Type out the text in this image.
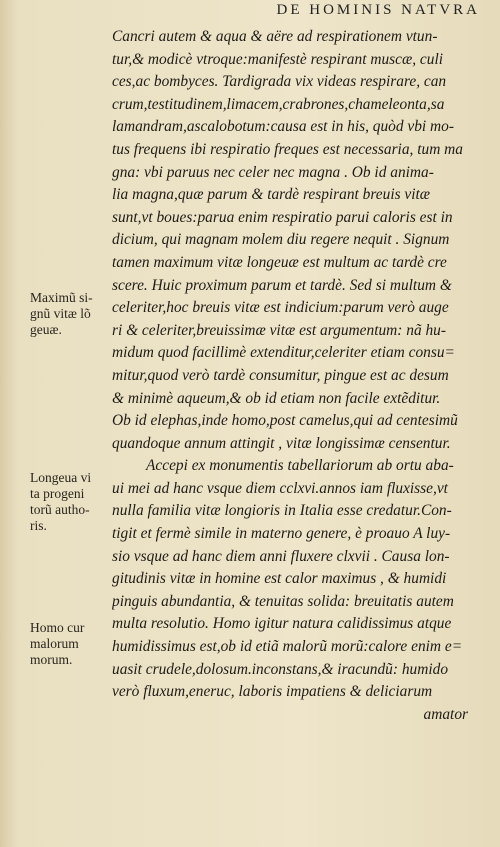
DE HOMINIS NATVRA
Maximũ si-
gnũ vitæ lõ
geuæ.
Longeua vi
ta progeni
torũ autho-
ris.
Homo cur
malorum
morum.
Cancri autem & aqua & aëre ad respirationem vtun-
tur,& modicè vtroque:manifestè respirant muscæ, culi
ces,ac bombyces. Tardigrada vix videas respirare, can
crum,testitudinem,limacem,crabrones,chameleonta,sa
lamandram,ascalobotum:causa est in his, quòd vbi mo-
tus frequens ibi respiratio freques est necessaria, tum ma
gna: vbi paruus nec celer nec magna . Ob id anima-
lia magna,quæ parum & tardè respirant breuis vitæ
sunt,vt boues:parua enim respiratio parui caloris est in
dicium, qui magnam molem diu regere nequit . Signum
tamen maximum vitæ longeuæ est multum ac tardè cre
scere. Huic proximum parum et tardè. Sed si multum &
celeriter,hoc breuis vitæ est indicium:parum verò auge
ri & celeriter,breuissimæ vitæ est argumentum: nã hu-
midum quod facillimè extenditur,celeriter etiam consu=
mitur,quod verò tardè consumitur, pingue est ac desum
& minimè aqueum,& ob id etiam non facile extẽditur.
Ob id elephas,inde homo,post camelus,qui ad centesimũ
quandoque annum attingit , vitæ longissimæ censentur.
Accepi ex monumentis tabellariorum ab ortu aba-
ui mei ad hanc vsque diem cclxvi.annos iam fluxisse,vt
nulla familia vitæ longioris in Italia esse credatur.Con-
tigit et fermè simile in materno genere, è proauo A luy-
sio vsque ad hanc diem anni fluxere clxvii . Causa lon-
gitudinis vitæ in homine est calor maximus , & humidi
pinguis abundantia, & tenuitas solida: breuitatis autem
multa resolutio. Homo igitur natura calidissimus atque
humidissimus est,ob id etiã malorũ morũ:calore enim e=
uasit crudele,dolosum.inconstans,& iracundũ: humido
verò fluxum,eneruc, laboris impatiens & deliciarum
amator
